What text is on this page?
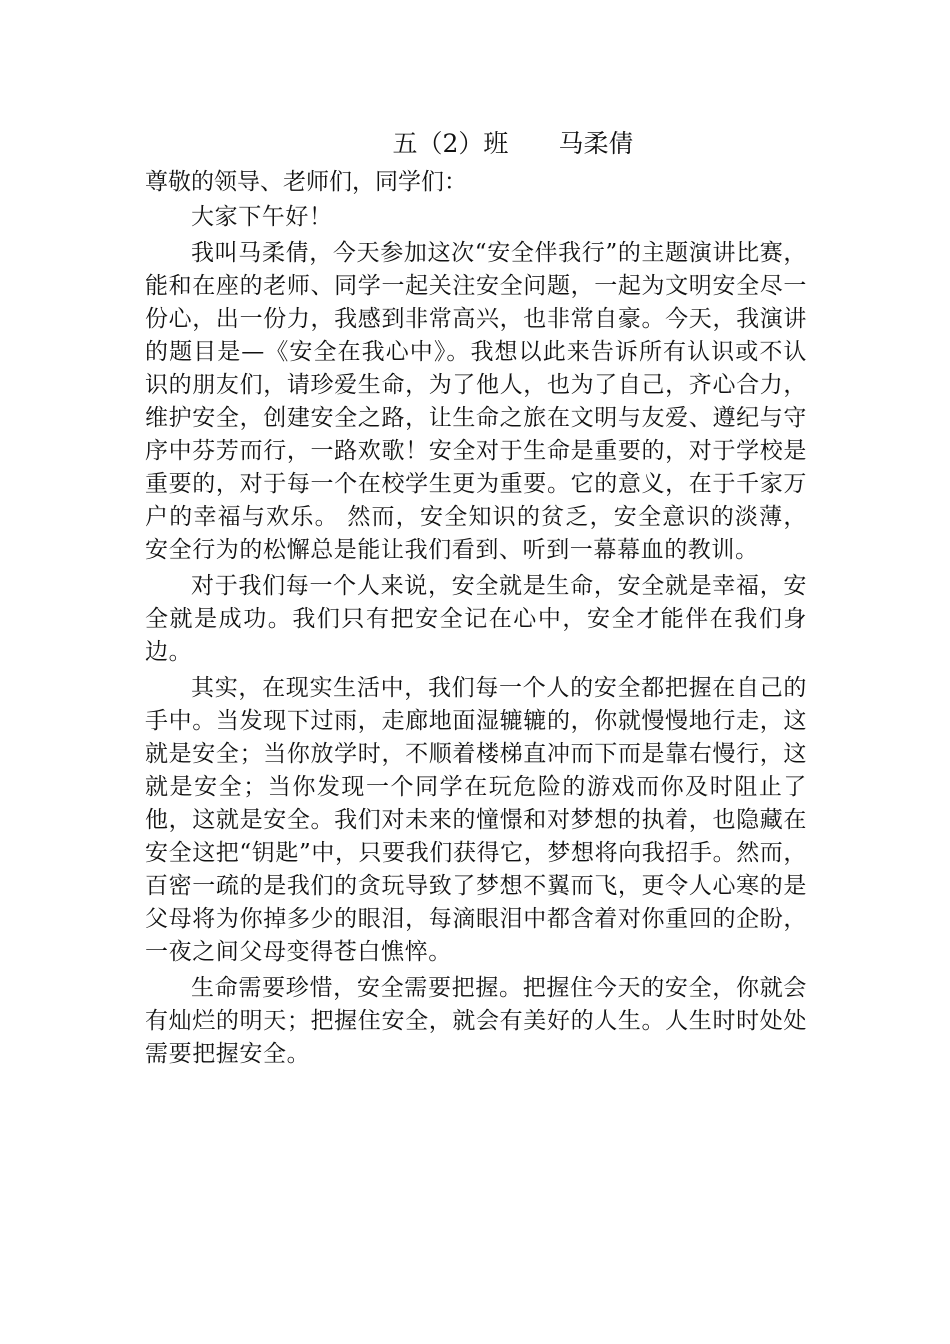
五（2）班　　马柔倩

尊敬的领导、老师们，同学们：

大家下午好！

我叫马柔倩，今天参加这次“安全伴我行”的主题演讲比赛，能和在座的老师、同学一起关注安全问题，一起为文明安全尽一份心，出一份力，我感到非常高兴，也非常自豪。今天，我演讲的题目是—《安全在我心中》。我想以此来告诉所有认识或不认识的朋友们，请珍爱生命，为了他人，也为了自己，齐心合力，维护安全，创建安全之路，让生命之旅在文明与友爱、遵纪与守序中芬芳而行，一路欢歌！安全对于生命是重要的，对于学校是重要的，对于每一个在校学生更为重要。它的意义，在于千家万户的幸福与欢乐。 然而，安全知识的贫乏，安全意识的淡薄，安全行为的松懈总是能让我们看到、听到一幕幕血的教训。

对于我们每一个人来说，安全就是生命，安全就是幸福，安全就是成功。我们只有把安全记在心中，安全才能伴在我们身边。

其实，在现实生活中，我们每一个人的安全都把握在自己的手中。当发现下过雨，走廊地面湿辘辘的，你就慢慢地行走，这就是安全；当你放学时，不顺着楼梯直冲而下而是靠右慢行，这就是安全；当你发现一个同学在玩危险的游戏而你及时阻止了他，这就是安全。我们对未来的憧憬和对梦想的执着，也隐藏在安全这把“钥匙”中，只要我们获得它，梦想将向我招手。然而，百密一疏的是我们的贪玩导致了梦想不翼而飞，更令人心寒的是父母将为你掉多少的眼泪，每滴眼泪中都含着对你重回的企盼，一夜之间父母变得苍白憔悴。

生命需要珍惜，安全需要把握。把握住今天的安全，你就会有灿烂的明天；把握住安全，就会有美好的人生。人生时时处处需要把握安全。
